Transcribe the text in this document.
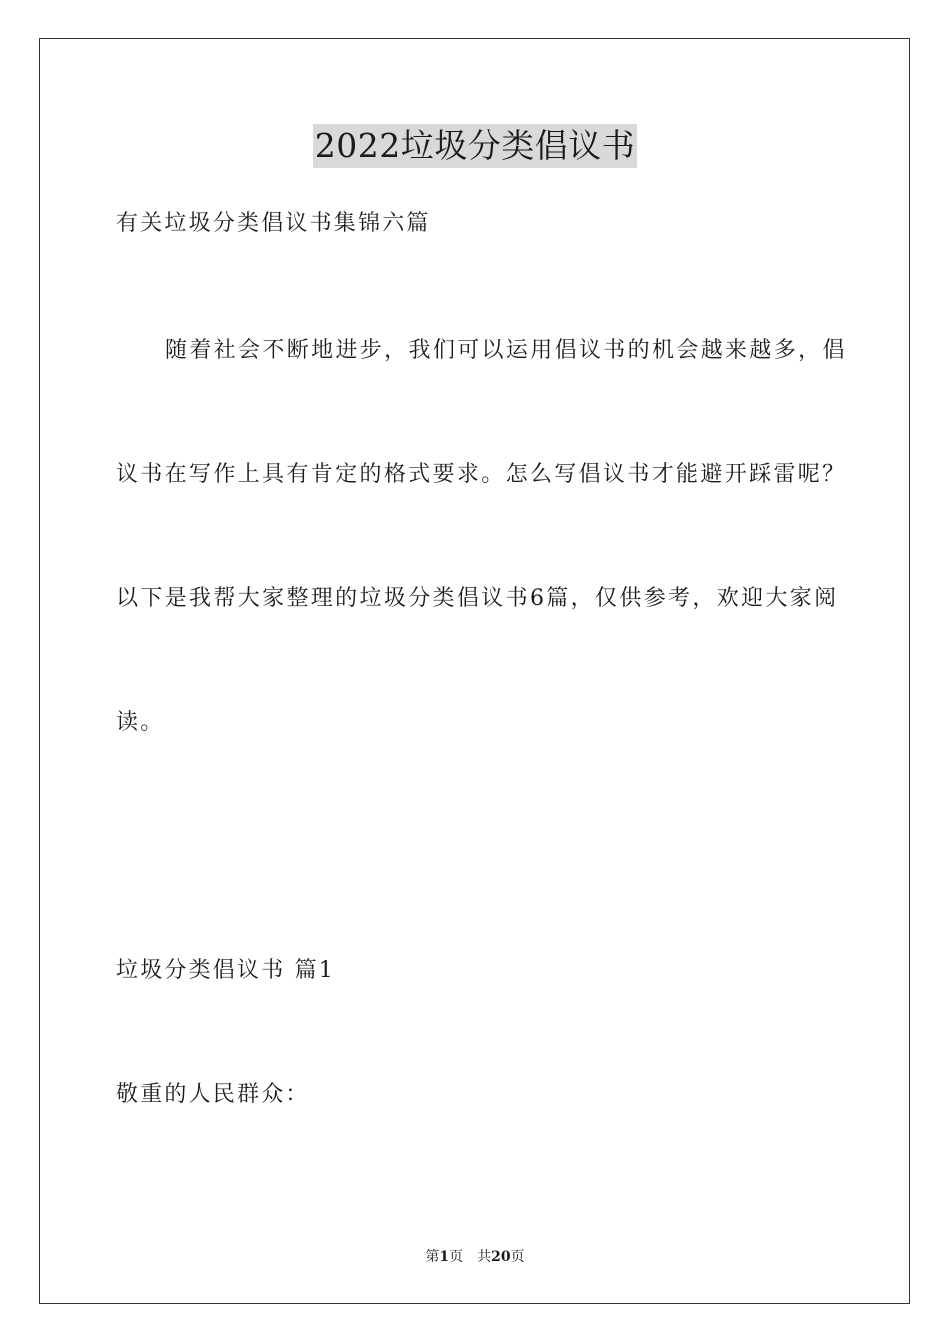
2022垃圾分类倡议书
有关垃圾分类倡议书集锦六篇
随着社会不断地进步，我们可以运用倡议书的机会越来越多，倡
议书在写作上具有肯定的格式要求。怎么写倡议书才能避开踩雷呢？
以下是我帮大家整理的垃圾分类倡议书6篇，仅供参考，欢迎大家阅
读。
垃圾分类倡议书 篇1
敬重的人民群众：
第1页 共20页
